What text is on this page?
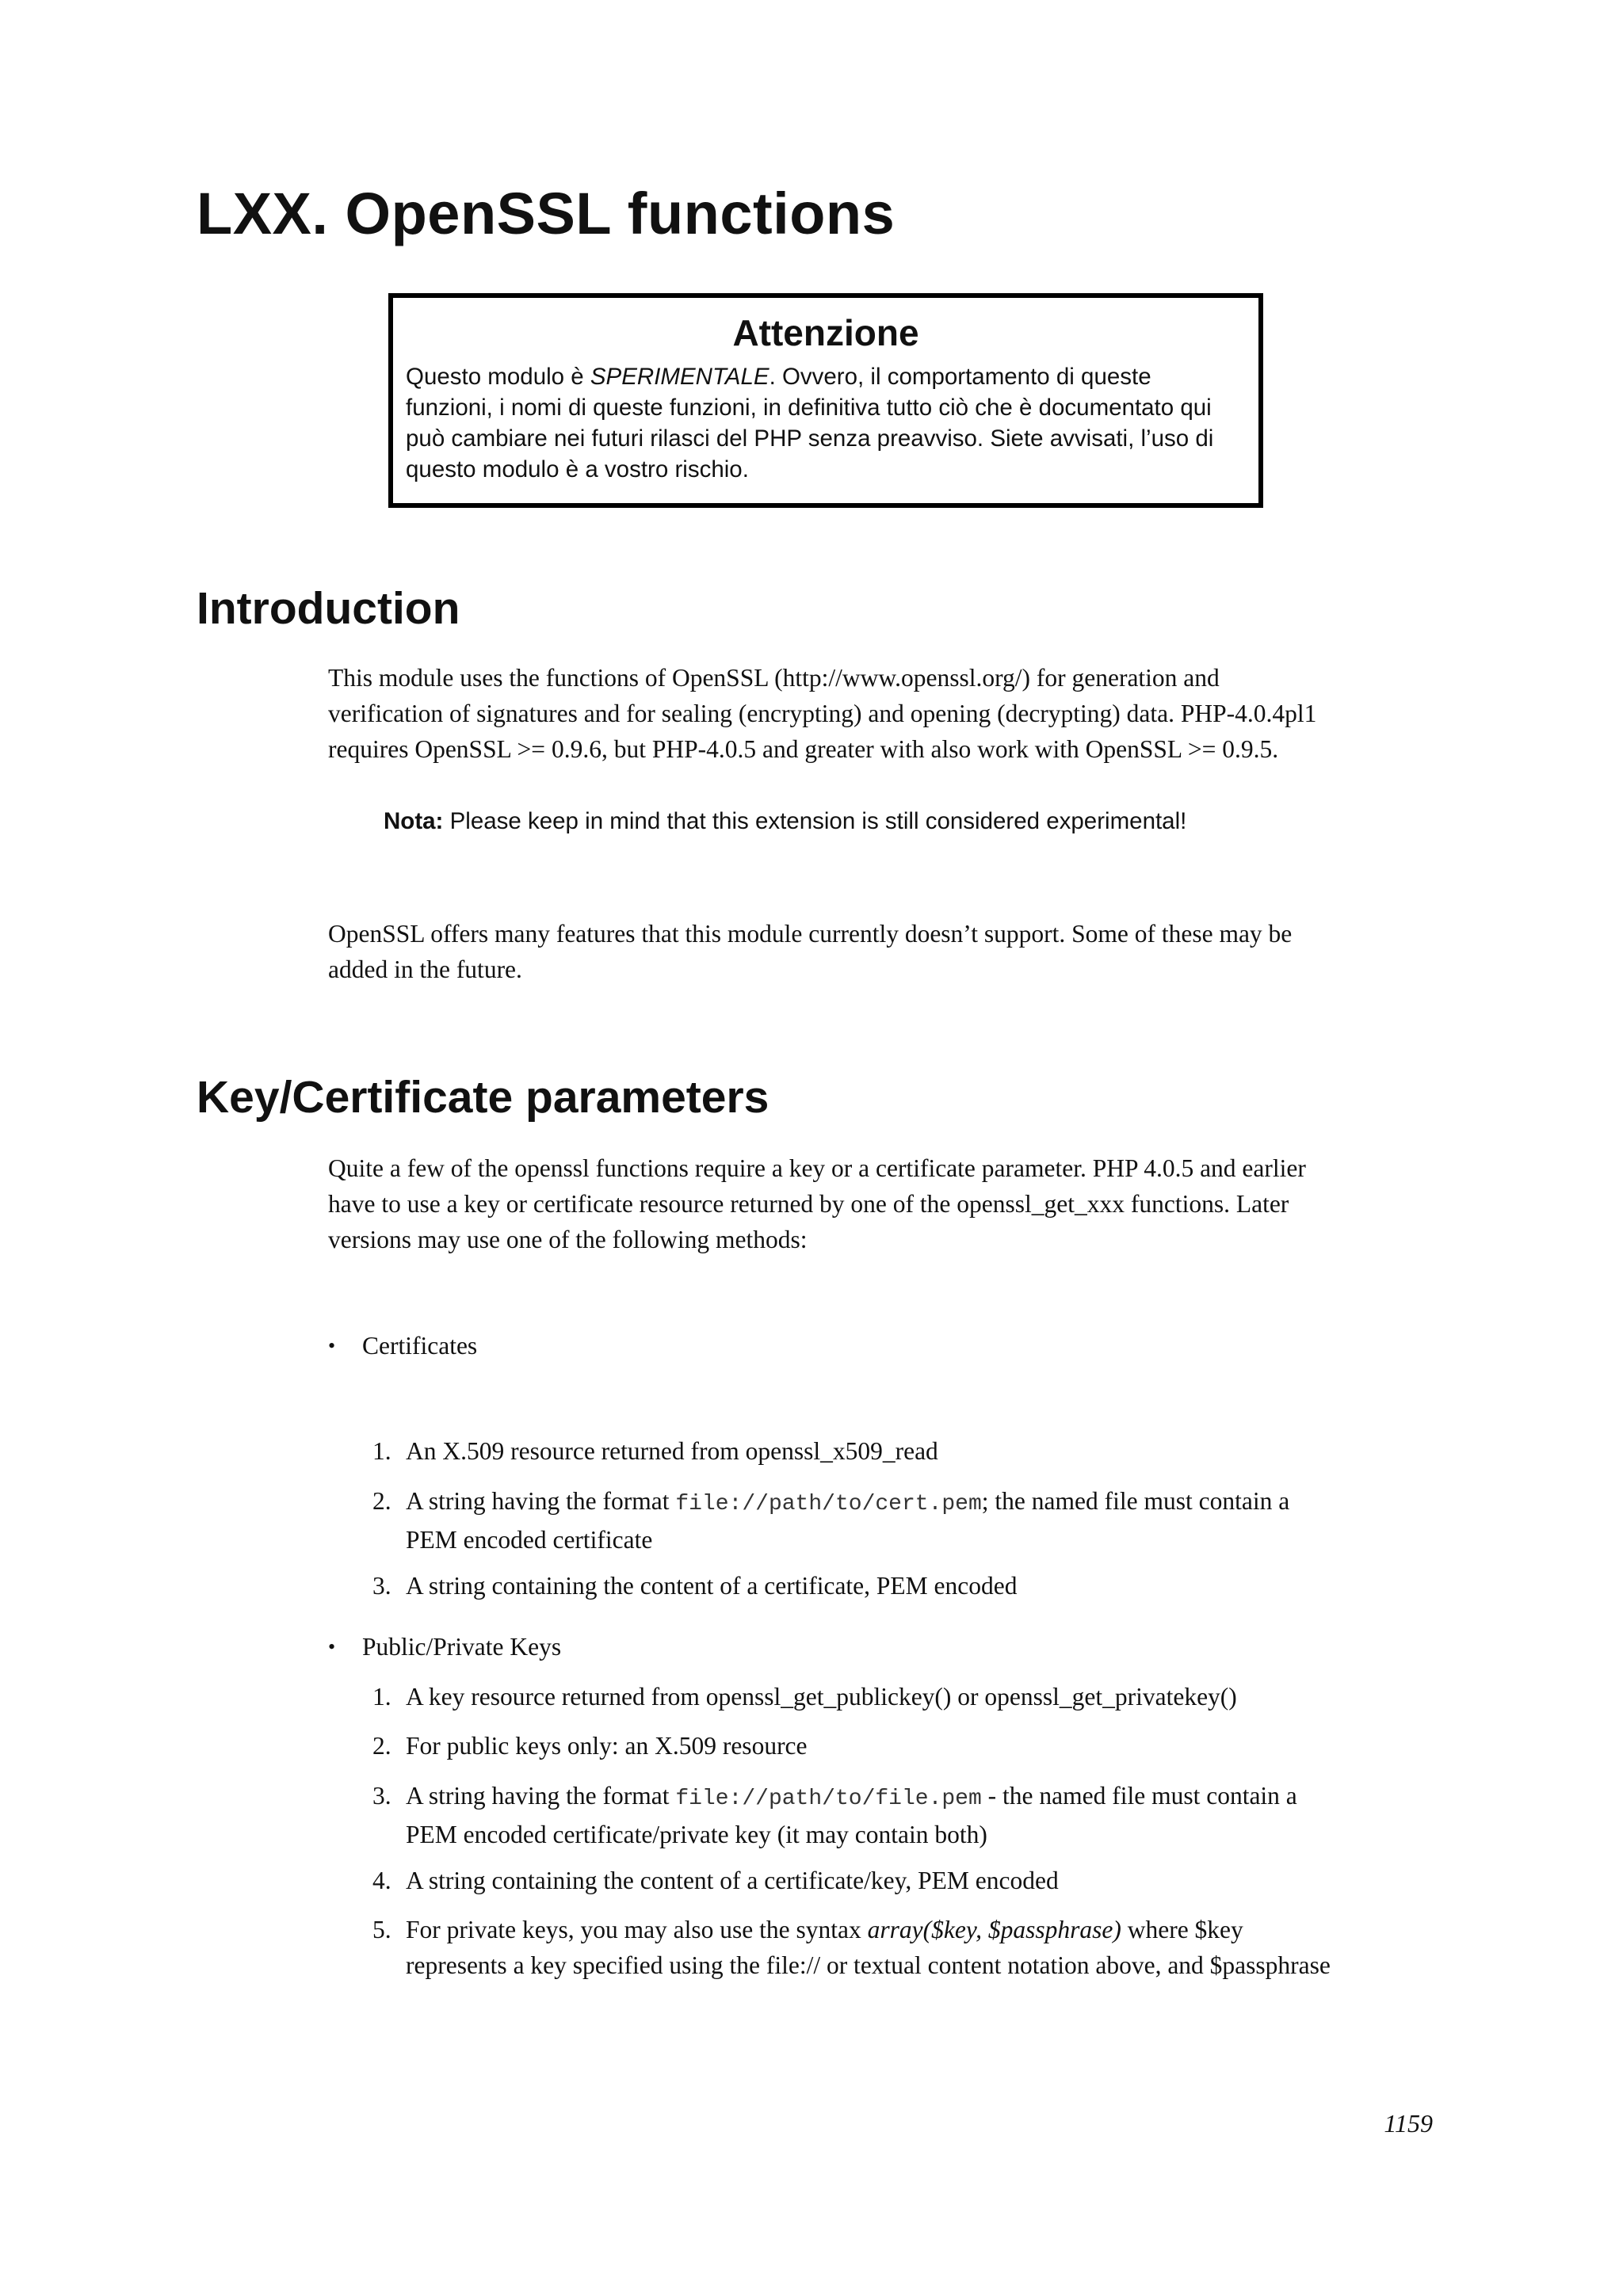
LXX. OpenSSL functions
Attenzione

Questo modulo è SPERIMENTALE. Ovvero, il comportamento di queste
funzioni, i nomi di queste funzioni, in definitiva tutto ciò che è documentato qui
può cambiare nei futuri rilasci del PHP senza preavviso. Siete avvisati, l’uso di
questo modulo è a vostro rischio.

Introduction

This module uses the functions of OpenSSL (http://www.openssl.org/) for generation and
verification of signatures and for sealing (encrypting) and opening (decrypting) data. PHP-4.0.4pl1
requires OpenSSL >= 0.9.6, but PHP-4.0.5 and greater with also work with OpenSSL >= 0.9.5.

Nota: Please keep in mind that this extension is still considered experimental!

OpenSSL offers many features that this module currently doesn’t support. Some of these may be
added in the future.

Key/Certificate parameters

Quite a few of the openssl functions require a key or a certificate parameter. PHP 4.0.5 and earlier
have to use a key or certificate resource returned by one of the openssl_get_xxx functions. Later
versions may use one of the following methods:

•	Certificates
1. An X.509 resource returned from openssl_x509_read
2. A string having the format file://path/to/cert.pem; the named file must contain a
PEM encoded certificate
3. A string containing the content of a certificate, PEM encoded
•	Public/Private Keys
1. A key resource returned from openssl_get_publickey() or openssl_get_privatekey()
2. For public keys only: an X.509 resource
3. A string having the format file://path/to/file.pem - the named file must contain a
PEM encoded certificate/private key (it may contain both)
4. A string containing the content of a certificate/key, PEM encoded
5. For private keys, you may also use the syntax array($key, $passphrase) where $key
represents a key specified using the file:// or textual content notation above, and $passphrase
1159
